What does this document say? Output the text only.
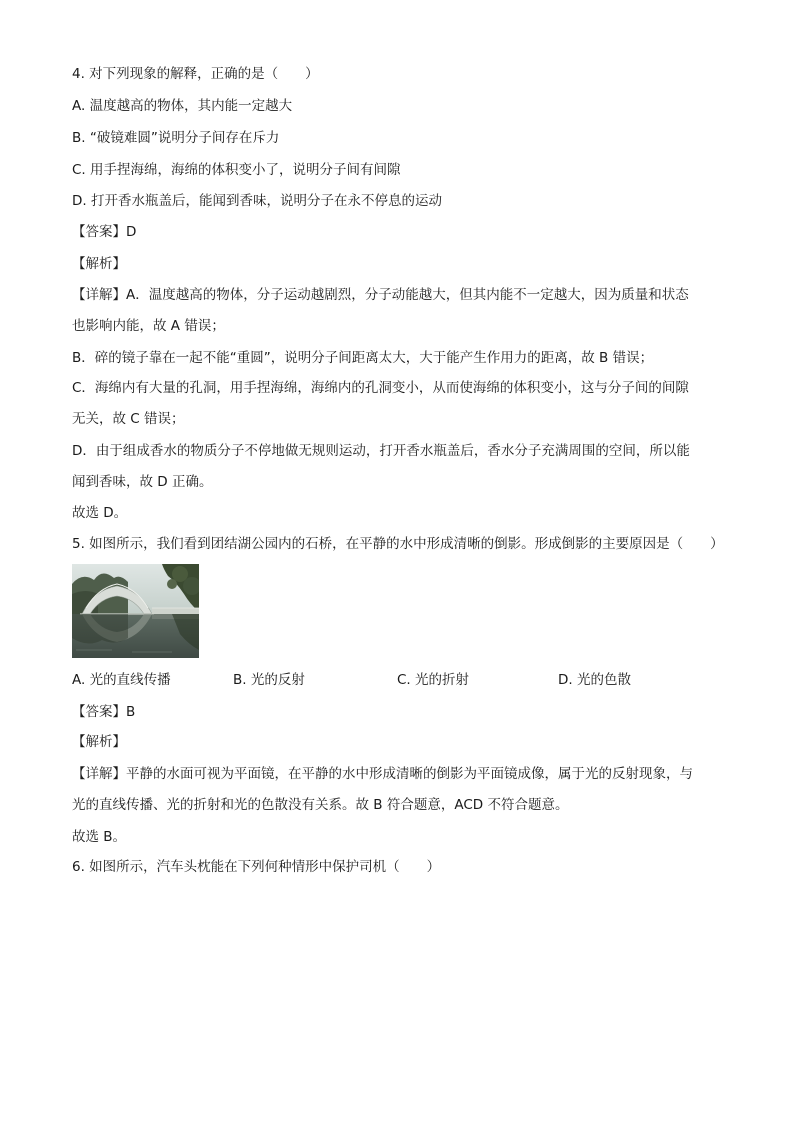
4. 对下列现象的解释，正确的是（　　）
A. 温度越高的物体，其内能一定越大
B. “破镜难圆”说明分子间存在斥力
C. 用手捏海绵，海绵的体积变小了，说明分子间有间隙
D. 打开香水瓶盖后，能闻到香味，说明分子在永不停息的运动
【答案】D
【解析】
【详解】A．温度越高的物体，分子运动越剧烈，分子动能越大，但其内能不一定越大，因为质量和状态
也影响内能，故 A 错误；
B．碎的镜子靠在一起不能“重圆”，说明分子间距离太大，大于能产生作用力的距离，故 B 错误；
C．海绵内有大量的孔洞，用手捏海绵，海绵内的孔洞变小，从而使海绵的体积变小，这与分子间的间隙
无关，故 C 错误；
D．由于组成香水的物质分子不停地做无规则运动，打开香水瓶盖后，香水分子充满周围的空间，所以能
闻到香味，故 D 正确。
故选 D。
5. 如图所示，我们看到团结湖公园内的石桥，在平静的水中形成清晰的倒影。形成倒影的主要原因是（　　）
A. 光的直线传播	B. 光的反射	C. 光的折射	D. 光的色散
【答案】B
【解析】
【详解】平静的水面可视为平面镜，在平静的水中形成清晰的倒影为平面镜成像，属于光的反射现象，与
光的直线传播、光的折射和光的色散没有关系。故 B 符合题意，ACD 不符合题意。
故选 B。
6. 如图所示，汽车头枕能在下列何种情形中保护司机（　　）
